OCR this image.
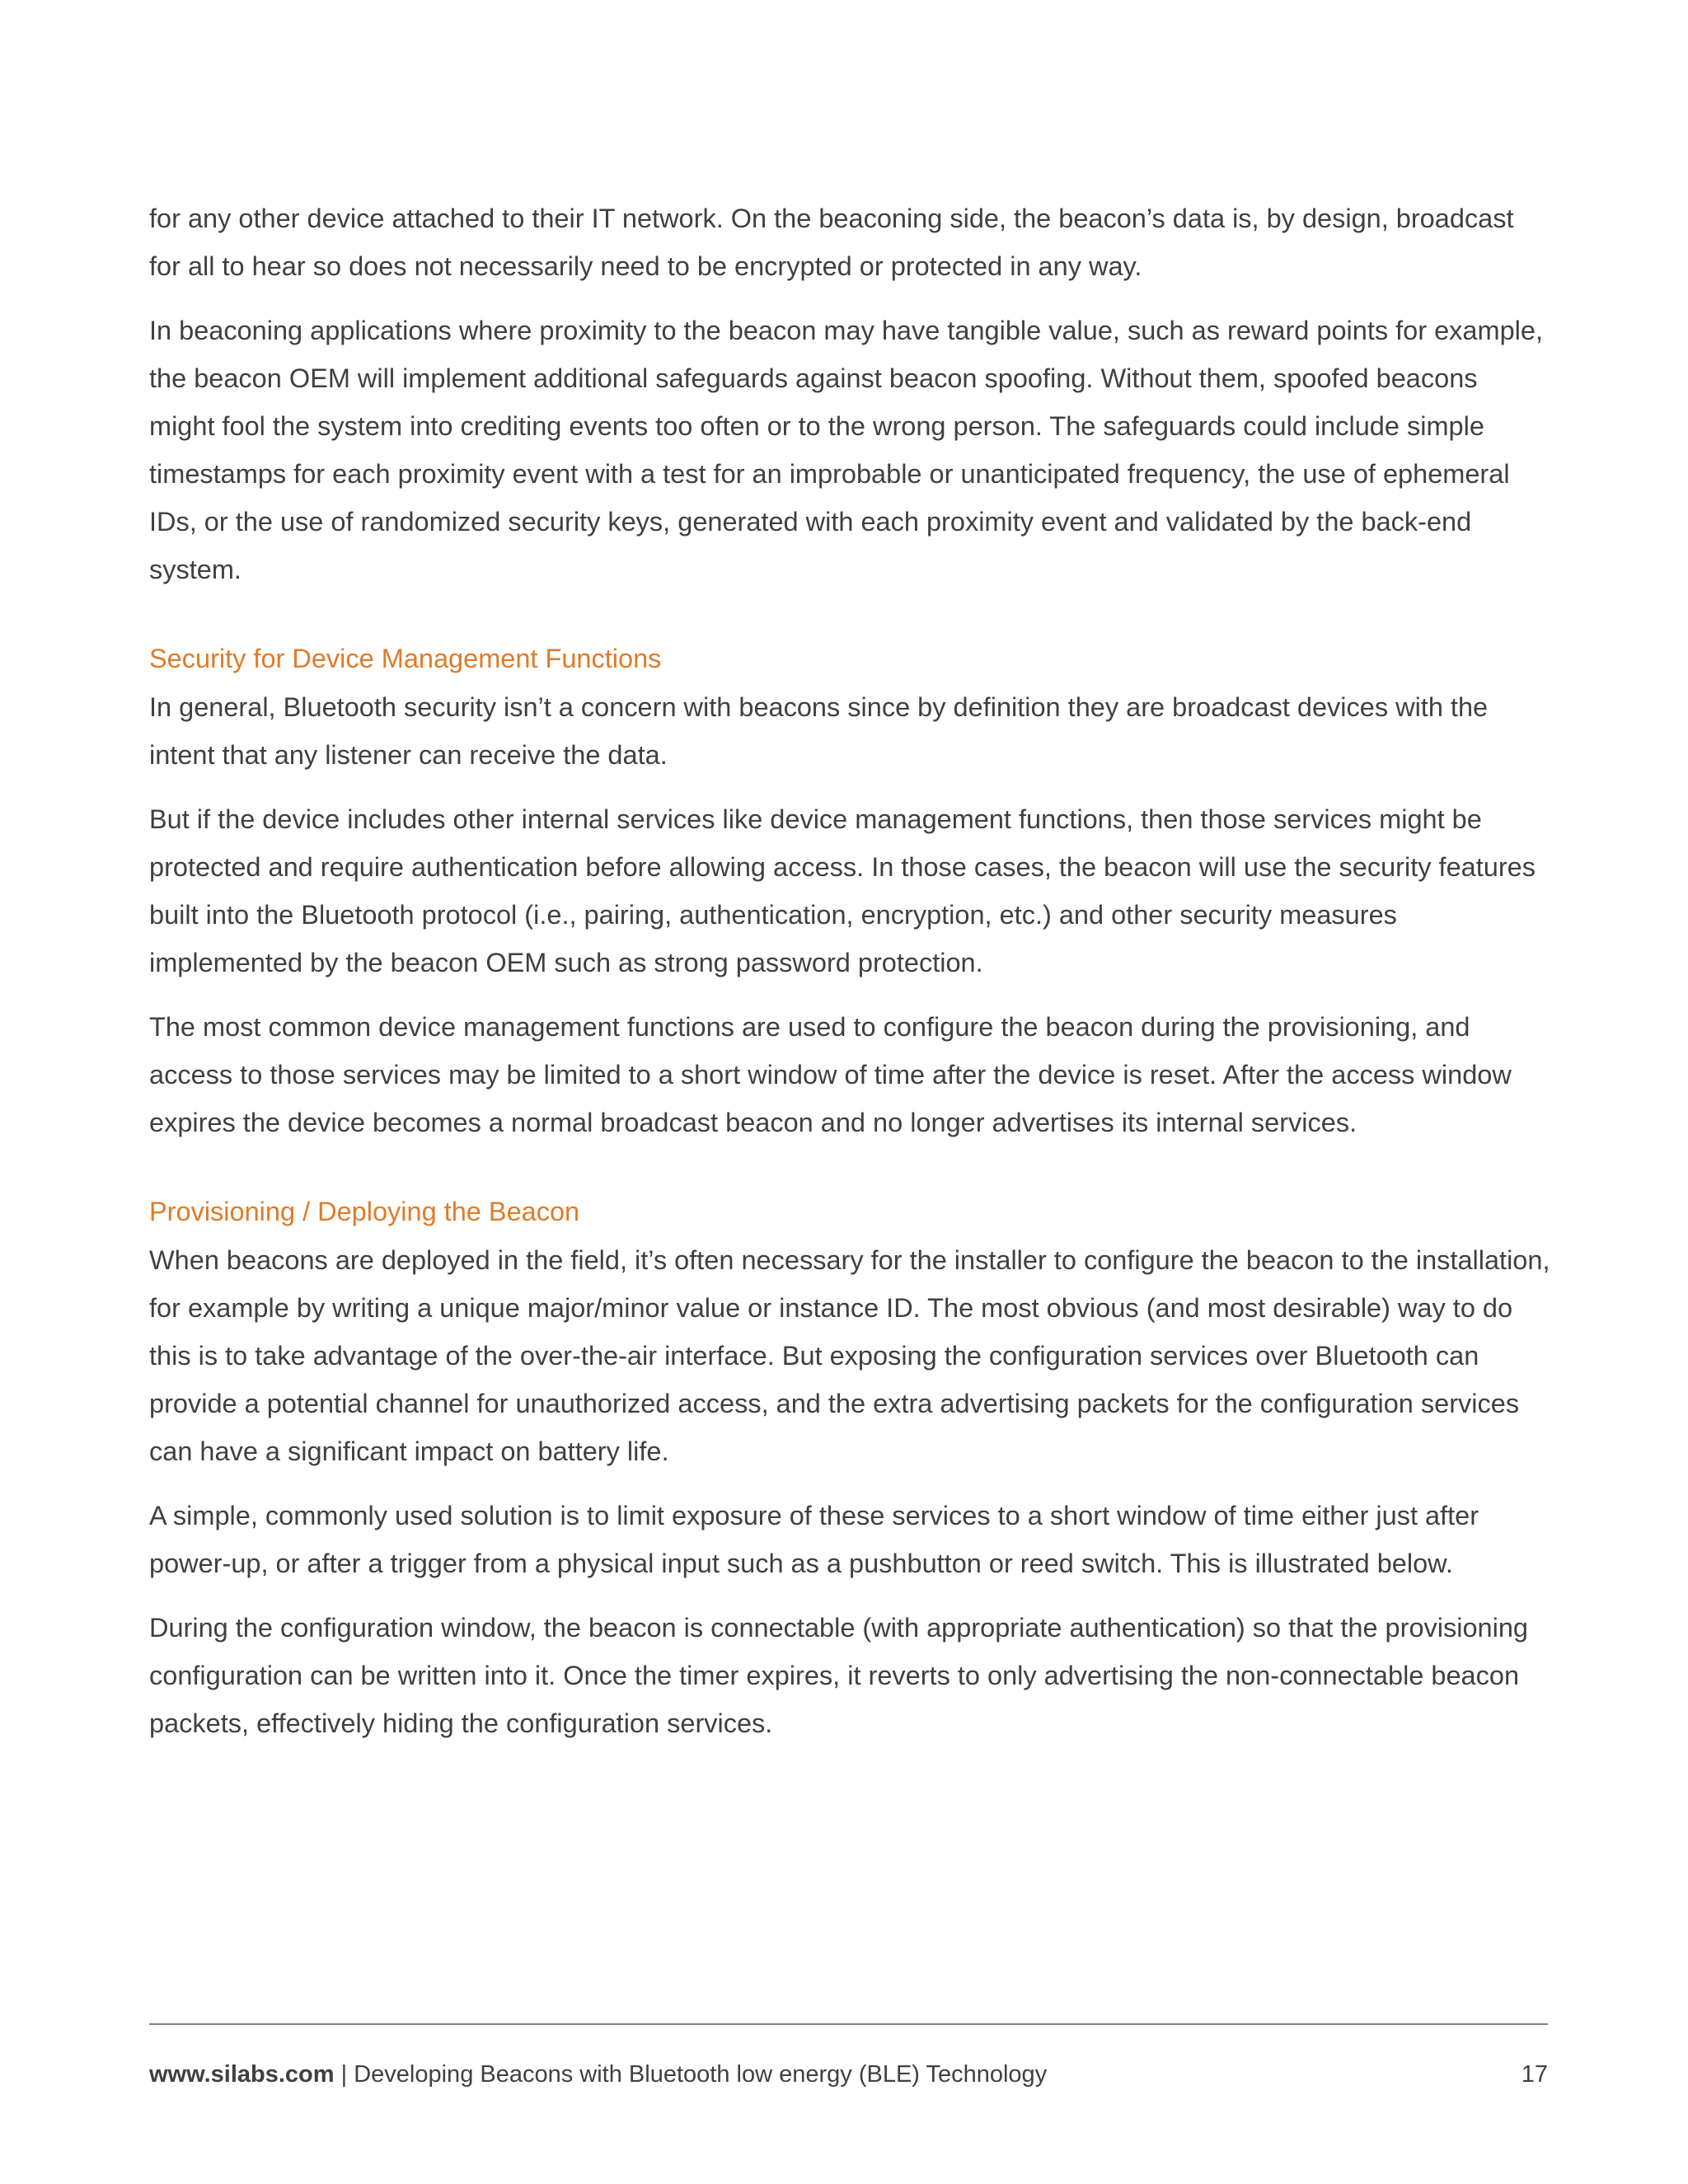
for any other device attached to their IT network. On the beaconing side, the beacon’s data is, by design, broadcast for all to hear so does not necessarily need to be encrypted or protected in any way.

In beaconing applications where proximity to the beacon may have tangible value, such as reward points for example, the beacon OEM will implement additional safeguards against beacon spoofing. Without them, spoofed beacons might fool the system into crediting events too often or to the wrong person. The safeguards could include simple timestamps for each proximity event with a test for an improbable or unanticipated frequency, the use of ephemeral IDs, or the use of randomized security keys, generated with each proximity event and validated by the back-end system.

Security for Device Management Functions

In general, Bluetooth security isn’t a concern with beacons since by definition they are broadcast devices with the intent that any listener can receive the data.

But if the device includes other internal services like device management functions, then those services might be protected and require authentication before allowing access. In those cases, the beacon will use the security features built into the Bluetooth protocol (i.e., pairing, authentication, encryption, etc.) and other security measures implemented by the beacon OEM such as strong password protection.

The most common device management functions are used to configure the beacon during the provisioning, and access to those services may be limited to a short window of time after the device is reset. After the access window expires the device becomes a normal broadcast beacon and no longer advertises its internal services.

Provisioning / Deploying the Beacon

When beacons are deployed in the field, it’s often necessary for the installer to configure the beacon to the installation, for example by writing a unique major/minor value or instance ID. The most obvious (and most desirable) way to do this is to take advantage of the over-the-air interface. But exposing the configuration services over Bluetooth can provide a potential channel for unauthorized access, and the extra advertising packets for the configuration services can have a significant impact on battery life.

A simple, commonly used solution is to limit exposure of these services to a short window of time either just after power-up, or after a trigger from a physical input such as a pushbutton or reed switch. This is illustrated below.

During the configuration window, the beacon is connectable (with appropriate authentication) so that the provisioning configuration can be written into it. Once the timer expires, it reverts to only advertising the non-connectable beacon packets, effectively hiding the configuration services.

www.silabs.com | Developing Beacons with Bluetooth low energy (BLE) Technology	17
